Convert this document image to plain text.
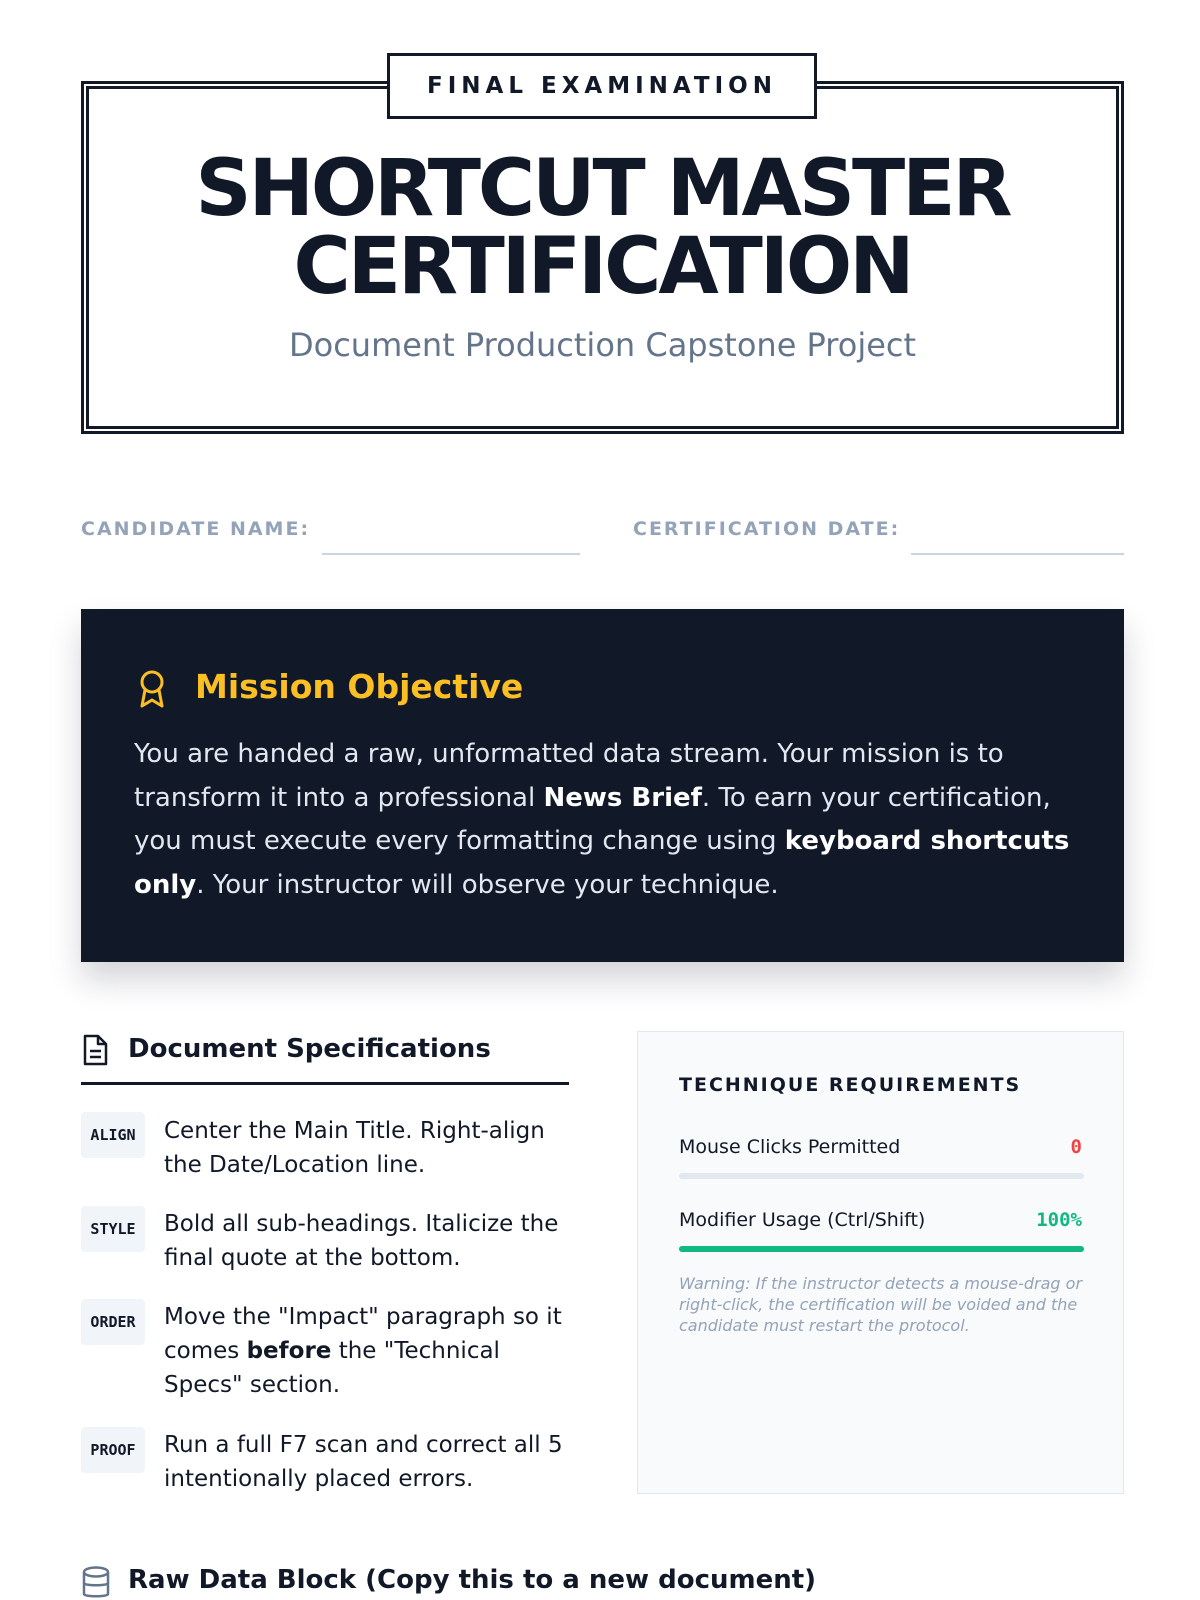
FINAL EXAMINATION
SHORTCUT MASTER
CERTIFICATION
Document Production Capstone Project
CANDIDATE NAME:	CERTIFICATION DATE:
Mission Objective
You are handed a raw, unformatted data stream. Your mission is to transform it into a professional News Brief. To earn your certification, you must execute every formatting change using keyboard shortcuts only. Your instructor will observe your technique.
Document Specifications
ALIGN	Center the Main Title. Right-align the Date/Location line.
STYLE	Bold all sub-headings. Italicize the final quote at the bottom.
ORDER	Move the "Impact" paragraph so it comes before the "Technical Specs" section.
PROOF	Run a full F7 scan and correct all 5 intentionally placed errors.
TECHNIQUE REQUIREMENTS
Mouse Clicks Permitted	0
Modifier Usage (Ctrl/Shift)	100%
Warning: If the instructor detects a mouse-drag or right-click, the certification will be voided and the candidate must restart the protocol.
Raw Data Block (Copy this to a new document)
